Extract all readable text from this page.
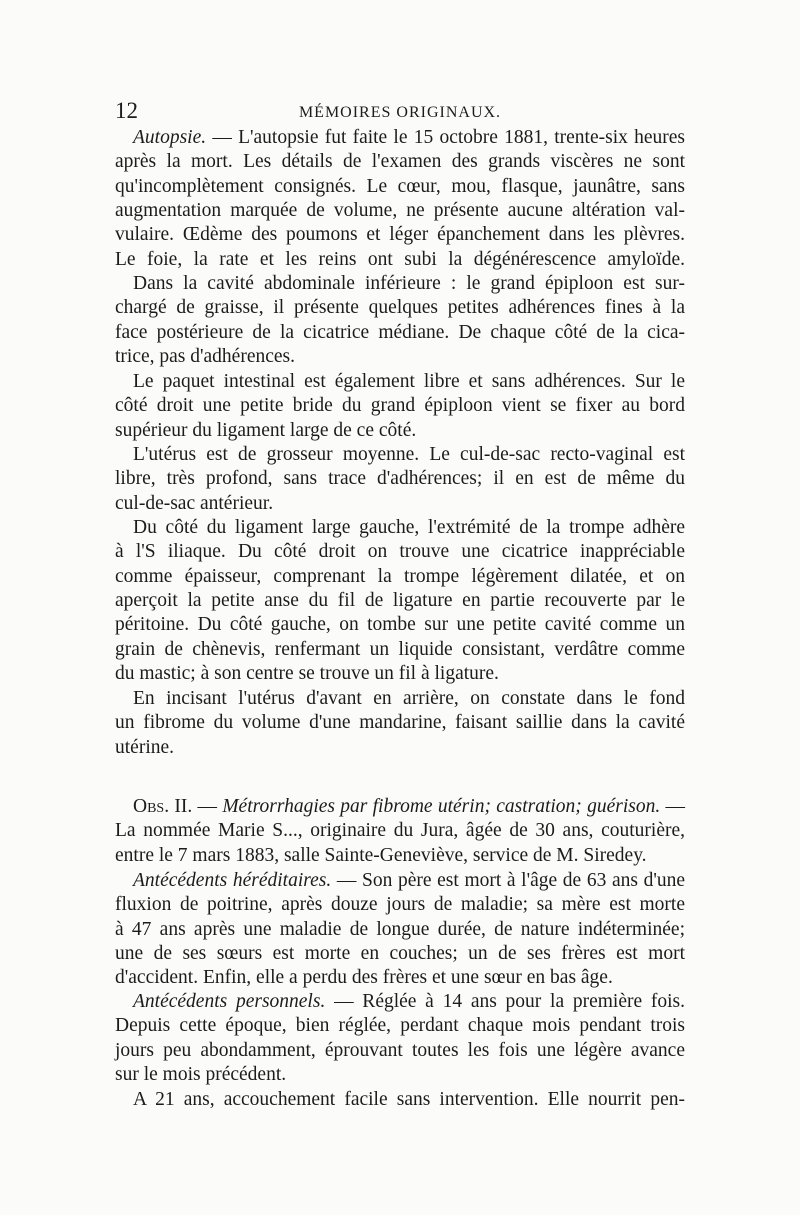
12	MÉMOIRES ORIGINAUX.
Autopsie. — L'autopsie fut faite le 15 octobre 1881, trente-six heures
après la mort. Les détails de l'examen des grands viscères ne sont
qu'incomplètement consignés. Le cœur, mou, flasque, jaunâtre, sans
augmentation marquée de volume, ne présente aucune altération val-
vulaire. Œdème des poumons et léger épanchement dans les plèvres.
Le foie, la rate et les reins ont subi la dégénérescence amyloïde.
Dans la cavité abdominale inférieure : le grand épiploon est sur-
chargé de graisse, il présente quelques petites adhérences fines à la
face postérieure de la cicatrice médiane. De chaque côté de la cica-
trice, pas d'adhérences.
Le paquet intestinal est également libre et sans adhérences. Sur le
côté droit une petite bride du grand épiploon vient se fixer au bord
supérieur du ligament large de ce côté.
L'utérus est de grosseur moyenne. Le cul-de-sac recto-vaginal est
libre, très profond, sans trace d'adhérences; il en est de même du
cul-de-sac antérieur.
Du côté du ligament large gauche, l'extrémité de la trompe adhère
à l'S iliaque. Du côté droit on trouve une cicatrice inappréciable
comme épaisseur, comprenant la trompe légèrement dilatée, et on
aperçoit la petite anse du fil de ligature en partie recouverte par le
péritoine. Du côté gauche, on tombe sur une petite cavité comme un
grain de chènevis, renfermant un liquide consistant, verdâtre comme
du mastic; à son centre se trouve un fil à ligature.
En incisant l'utérus d'avant en arrière, on constate dans le fond
un fibrome du volume d'une mandarine, faisant saillie dans la cavité
utérine.
Obs. II. — Métrorrhagies par fibrome utérin; castration; guérison. —
La nommée Marie S..., originaire du Jura, âgée de 30 ans, couturière,
entre le 7 mars 1883, salle Sainte-Geneviève, service de M. Siredey.
Antécédents héréditaires. — Son père est mort à l'âge de 63 ans d'une
fluxion de poitrine, après douze jours de maladie; sa mère est morte
à 47 ans après une maladie de longue durée, de nature indéterminée;
une de ses sœurs est morte en couches; un de ses frères est mort
d'accident. Enfin, elle a perdu des frères et une sœur en bas âge.
Antécédents personnels. — Réglée à 14 ans pour la première fois.
Depuis cette époque, bien réglée, perdant chaque mois pendant trois
jours peu abondamment, éprouvant toutes les fois une légère avance
sur le mois précédent.
A 21 ans, accouchement facile sans intervention. Elle nourrit pen-
